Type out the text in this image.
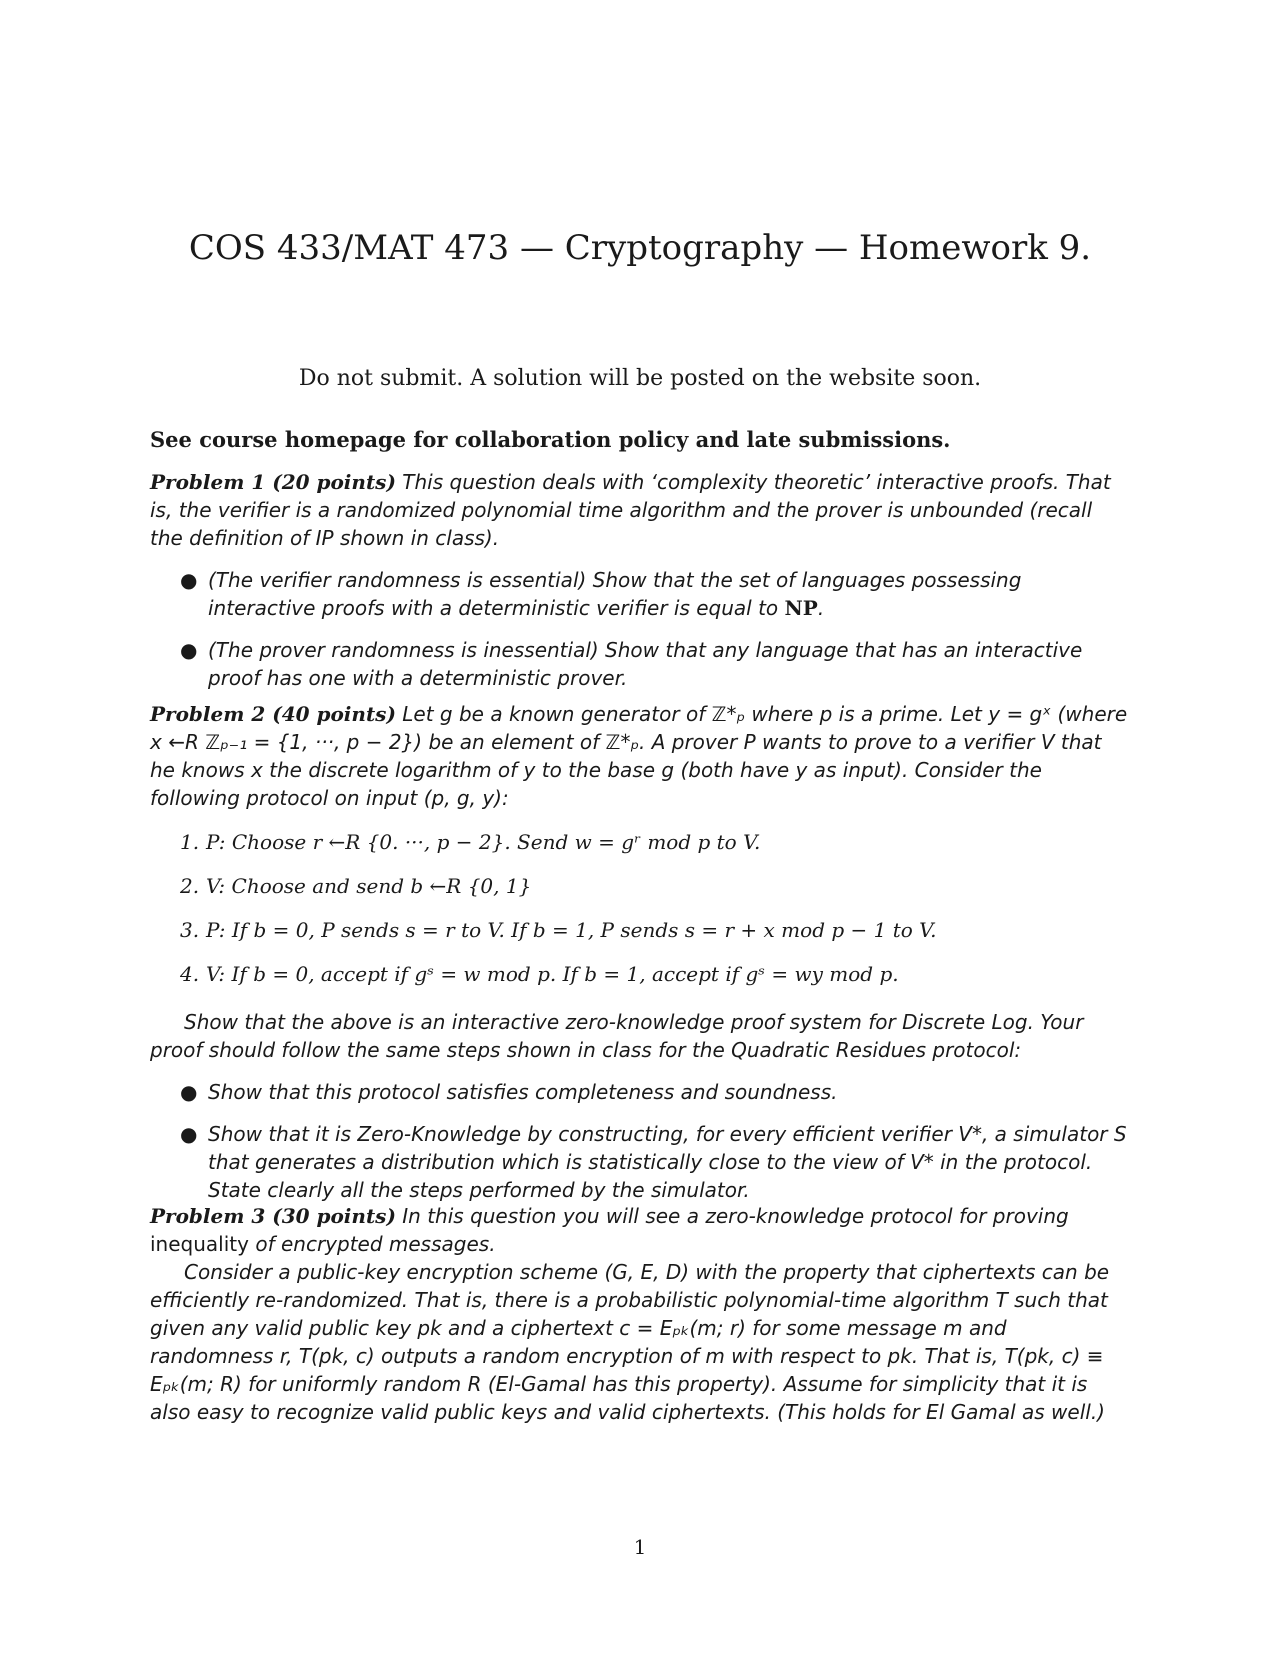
COS 433/MAT 473 — Cryptography — Homework 9.
Do not submit. A solution will be posted on the website soon.
See course homepage for collaboration policy and late submissions.
Problem 1 (20 points) This question deals with ‘complexity theoretic’ interactive proofs. That is, the verifier is a randomized polynomial time algorithm and the prover is unbounded (recall the definition of IP shown in class).
● (The verifier randomness is essential) Show that the set of languages possessing interactive proofs with a deterministic verifier is equal to NP.
● (The prover randomness is inessential) Show that any language that has an interactive proof has one with a deterministic prover.
Problem 2 (40 points) Let g be a known generator of ℤ*ₚ where p is a prime. Let y = gˣ (where x ←R ℤₚ₋₁ = {1, ···, p − 2}) be an element of ℤ*ₚ. A prover P wants to prove to a verifier V that he knows x the discrete logarithm of y to the base g (both have y as input). Consider the following protocol on input (p, g, y):
1. P: Choose r ←R {0. ···, p − 2}. Send w = gʳ mod p to V.
2. V: Choose and send b ←R {0, 1}
3. P: If b = 0, P sends s = r to V. If b = 1, P sends s = r + x mod p − 1 to V.
4. V: If b = 0, accept if gˢ = w mod p. If b = 1, accept if gˢ = wy mod p.
Show that the above is an interactive zero-knowledge proof system for Discrete Log. Your proof should follow the same steps shown in class for the Quadratic Residues protocol:
● Show that this protocol satisfies completeness and soundness.
● Show that it is Zero-Knowledge by constructing, for every efficient verifier V*, a simulator S that generates a distribution which is statistically close to the view of V* in the protocol. State clearly all the steps performed by the simulator.
Problem 3 (30 points) In this question you will see a zero-knowledge protocol for proving inequality of encrypted messages.
Consider a public-key encryption scheme (G, E, D) with the property that ciphertexts can be efficiently re-randomized. That is, there is a probabilistic polynomial-time algorithm T such that given any valid public key pk and a ciphertext c = Eₚₖ(m; r) for some message m and randomness r, T(pk, c) outputs a random encryption of m with respect to pk. That is, T(pk, c) ≡ Eₚₖ(m; R) for uniformly random R (El-Gamal has this property). Assume for simplicity that it is also easy to recognize valid public keys and valid ciphertexts. (This holds for El Gamal as well.)
1
